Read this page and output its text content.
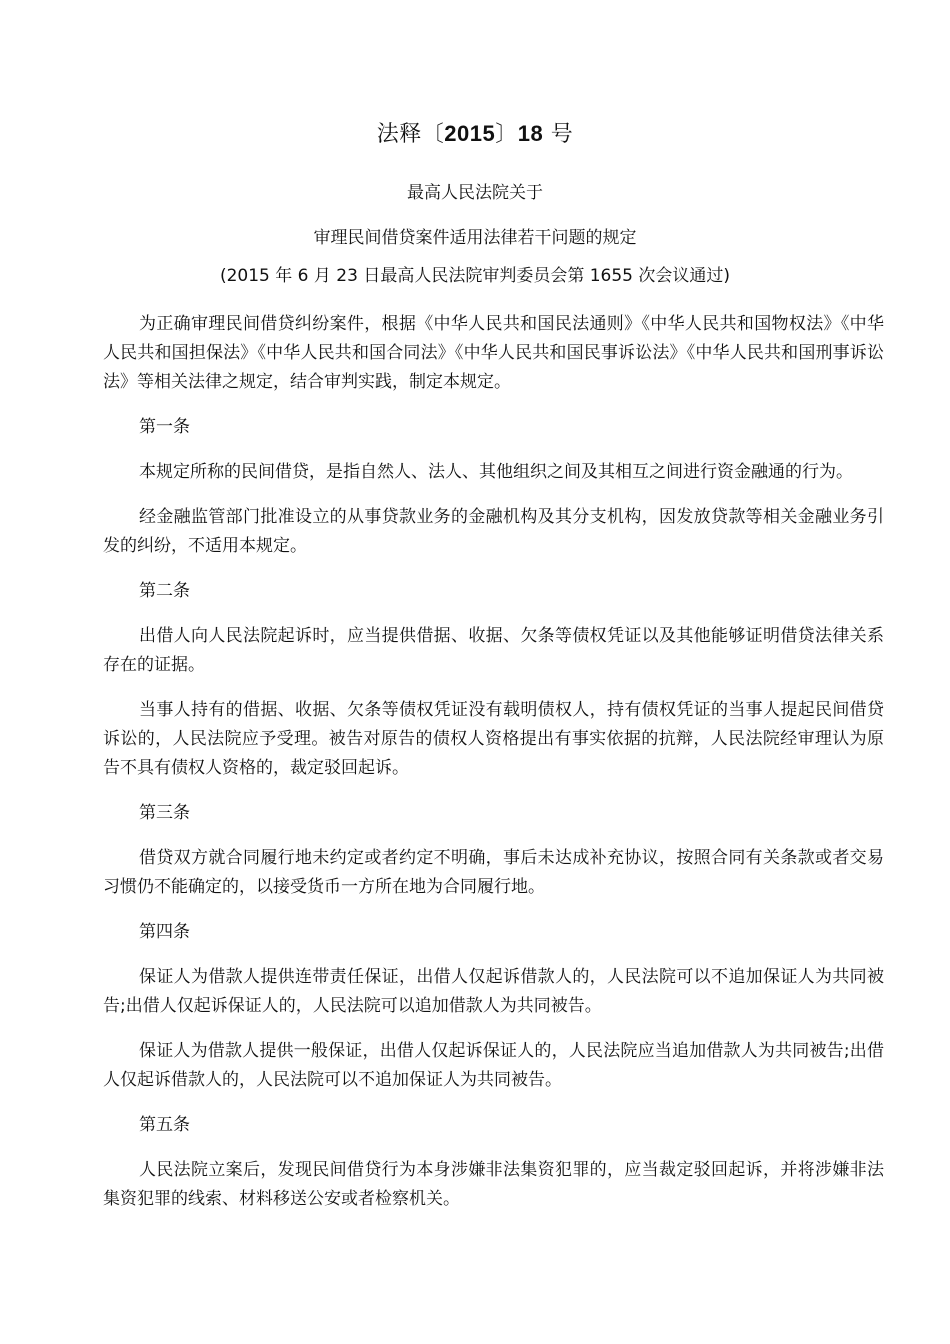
法释〔2015〕18 号
最高人民法院关于
审理民间借贷案件适用法律若干问题的规定
(2015 年 6 月 23 日最高人民法院审判委员会第 1655 次会议通过)

为正确审理民间借贷纠纷案件，根据《中华人民共和国民法通则》《中华人民共和国物权法》《中华人民共和国担保法》《中华人民共和国合同法》《中华人民共和国民事诉讼法》《中华人民共和国刑事诉讼法》等相关法律之规定，结合审判实践，制定本规定。

第一条

本规定所称的民间借贷，是指自然人、法人、其他组织之间及其相互之间进行资金融通的行为。

经金融监管部门批准设立的从事贷款业务的金融机构及其分支机构，因发放贷款等相关金融业务引发的纠纷，不适用本规定。

第二条

出借人向人民法院起诉时，应当提供借据、收据、欠条等债权凭证以及其他能够证明借贷法律关系存在的证据。

当事人持有的借据、收据、欠条等债权凭证没有载明债权人，持有债权凭证的当事人提起民间借贷诉讼的，人民法院应予受理。被告对原告的债权人资格提出有事实依据的抗辩，人民法院经审理认为原告不具有债权人资格的，裁定驳回起诉。

第三条

借贷双方就合同履行地未约定或者约定不明确，事后未达成补充协议，按照合同有关条款或者交易习惯仍不能确定的，以接受货币一方所在地为合同履行地。

第四条

保证人为借款人提供连带责任保证，出借人仅起诉借款人的，人民法院可以不追加保证人为共同被告;出借人仅起诉保证人的，人民法院可以追加借款人为共同被告。

保证人为借款人提供一般保证，出借人仅起诉保证人的，人民法院应当追加借款人为共同被告;出借人仅起诉借款人的，人民法院可以不追加保证人为共同被告。

第五条

人民法院立案后，发现民间借贷行为本身涉嫌非法集资犯罪的，应当裁定驳回起诉，并将涉嫌非法集资犯罪的线索、材料移送公安或者检察机关。
